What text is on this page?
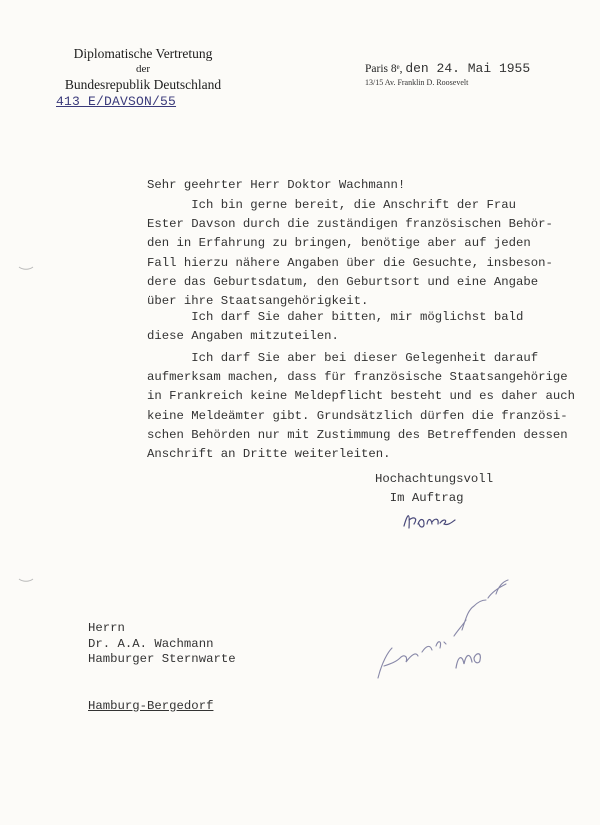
Diplomatische Vertretung
der
Bundesrepublik Deutschland
413 E/DAVSON/55
Paris 8ᵉ, den 24. Mai 1955
13/15 Av. Franklin D. Roosevelt
Sehr geehrter Herr Doktor Wachmann!
Ich bin gerne bereit, die Anschrift der Frau
Ester Davson durch die zuständigen französischen Behör-
den in Erfahrung zu bringen, benötige aber auf jeden
Fall hierzu nähere Angaben über die Gesuchte, insbeson-
dere das Geburtsdatum, den Geburtsort und eine Angabe
über ihre Staatsangehörigkeit.
Ich darf Sie daher bitten, mir möglichst bald
diese Angaben mitzuteilen.
Ich darf Sie aber bei dieser Gelegenheit darauf
aufmerksam machen, dass für französische Staatsangehörige
in Frankreich keine Meldepflicht besteht und es daher auch
keine Meldeämter gibt. Grundsätzlich dürfen die französi-
schen Behörden nur mit Zustimmung des Betreffenden dessen
Anschrift an Dritte weiterleiten.
Hochachtungsvoll
Im Auftrag

Herrn
Dr. A.A. Wachmann
Hamburger Sternwarte

Hamburg-Bergedorf
